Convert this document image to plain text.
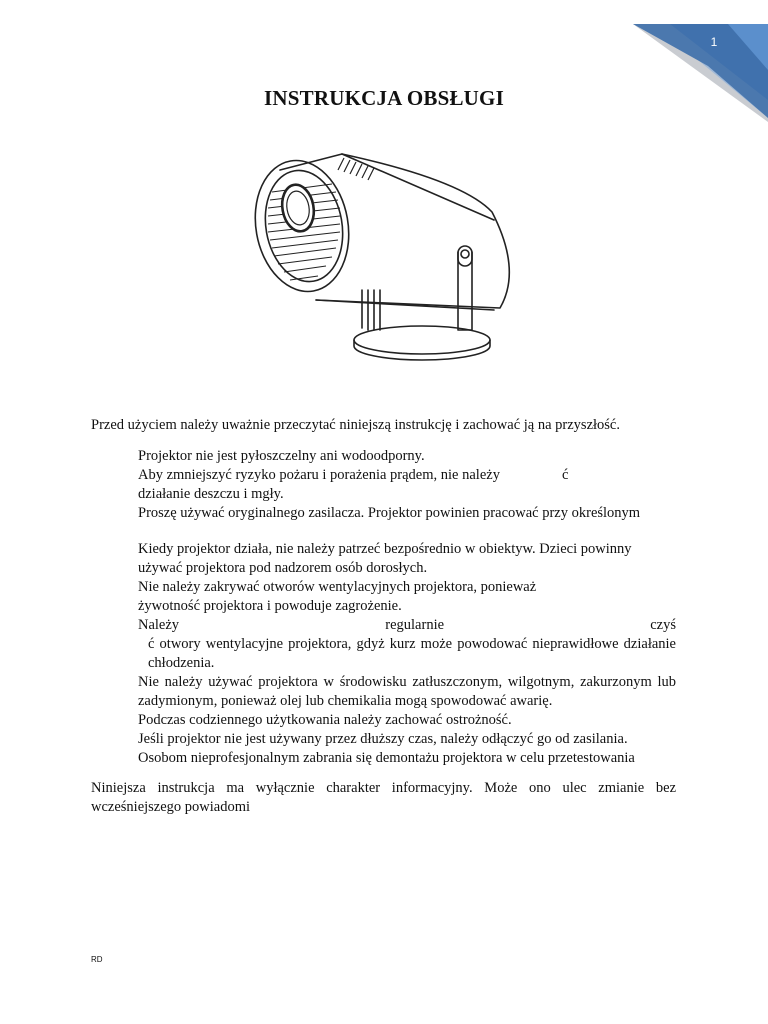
1
INSTRUKCJA OBSŁUGI
Przed użyciem należy uważnie przeczytać niniejszą instrukcję i zachować ją na przyszłość.
Projektor nie jest pyłoszczelny ani wodoodporny.
Aby zmniejszyć ryzyko pożaru i porażenia prądem, nie należy	ć
działanie deszczu i mgły.
Proszę używać oryginalnego zasilacza. Projektor powinien pracować przy określonym
Kiedy projektor działa, nie należy patrzeć bezpośrednio w obiektyw. Dzieci powinny
używać projektora pod nadzorem osób dorosłych.
Nie należy zakrywać otworów wentylacyjnych projektora, ponieważ
żywotność projektora i powoduje zagrożenie.
Należy regularnie czyść otwory wentylacyjne projektora, gdyż kurz może powodować nieprawidłowe działanie chłodzenia.
Nie należy używać projektora w środowisku zatłuszczonym, wilgotnym, zakurzonym lub zadymionym, ponieważ olej lub chemikalia mogą spowodować awarię.
Podczas codziennego użytkowania należy zachować ostrożność.
Jeśli projektor nie jest używany przez dłuższy czas, należy odłączyć go od zasilania.
Osobom nieprofesjonalnym zabrania się demontażu projektora w celu przetestowania
Niniejsza instrukcja ma wyłącznie charakter informacyjny. Może ono ulec zmianie bez wcześniejszego powiadomi
RD
